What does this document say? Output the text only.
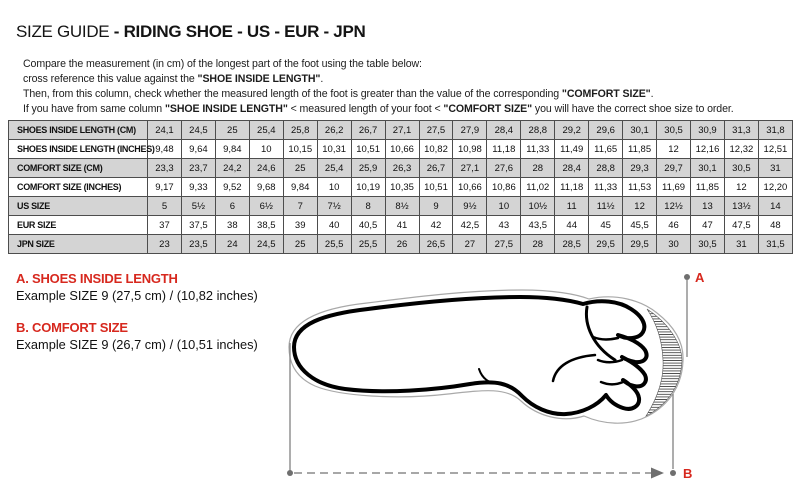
SIZE GUIDE - RIDING SHOE - US - EUR - JPN

Compare the measurement (in cm) of the longest part of the foot using the table below:

cross reference this value against the "SHOE INSIDE LENGTH".

Then, from this column, check whether the measured length of the foot is greater than the value of the corresponding "COMFORT SIZE".

If you have from same column "SHOE INSIDE LENGTH" < measured length of your foot < "COMFORT SIZE" you will have the correct shoe size to order.

SHOES INSIDE LENGTH (CM)	24,1	24,5	25	25,4	25,8	26,2	26,7	27,1	27,5	27,9	28,4	28,8	29,2	29,6	30,1	30,5	30,9	31,3	31,8
SHOES INSIDE LENGTH (INCHES)	9,48	9,64	9,84	10	10,15	10,31	10,51	10,66	10,82	10,98	11,18	11,33	11,49	11,65	11,85	12	12,16	12,32	12,51
COMFORT SIZE (CM)	23,3	23,7	24,2	24,6	25	25,4	25,9	26,3	26,7	27,1	27,6	28	28,4	28,8	29,3	29,7	30,1	30,5	31
COMFORT SIZE (INCHES)	9,17	9,33	9,52	9,68	9,84	10	10,19	10,35	10,51	10,66	10,86	11,02	11,18	11,33	11,53	11,69	11,85	12	12,20
US SIZE	5	5½	6	6½	7	7½	8	8½	9	9½	10	10½	11	11½	12	12½	13	13½	14
EUR SIZE	37	37,5	38	38,5	39	40	40,5	41	42	42,5	43	43,5	44	45	45,5	46	47	47,5	48
JPN SIZE	23	23,5	24	24,5	25	25,5	25,5	26	26,5	27	27,5	28	28,5	29,5	29,5	30	30,5	31	31,5

A. SHOES INSIDE LENGTH

Example SIZE 9 (27,5 cm) / (10,82 inches)

B. COMFORT SIZE

Example SIZE 9 (26,7 cm) / (10,51 inches)

A
B
